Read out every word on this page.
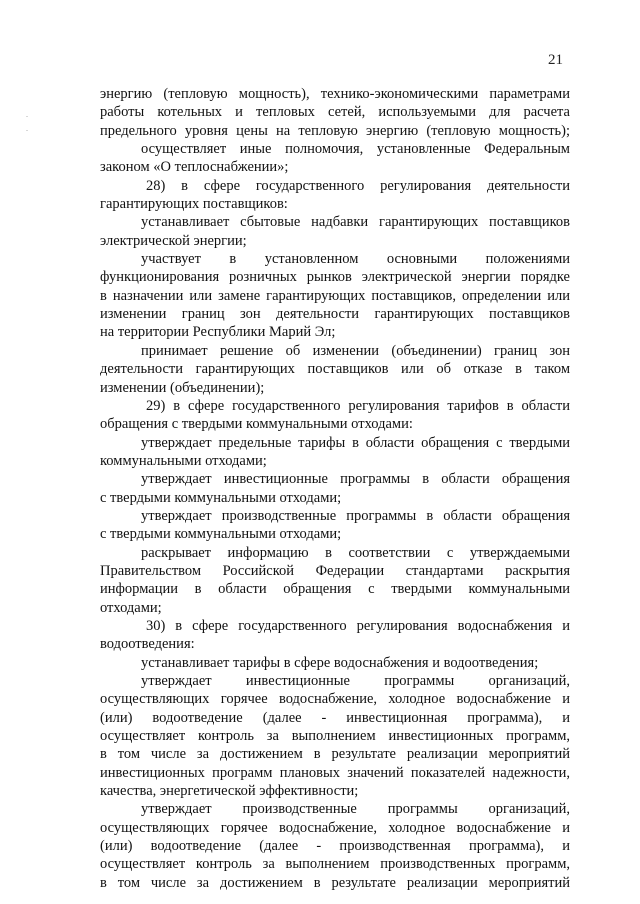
21
.
.
энергию (тепловую мощность), технико-экономическими параметрами
работы котельных и тепловых сетей, используемыми для расчета
предельного уровня цены на тепловую энергию (тепловую мощность);
осуществляет иные полномочия, установленные Федеральным
законом «О теплоснабжении»;
28) в сфере государственного регулирования деятельности
гарантирующих поставщиков:
устанавливает сбытовые надбавки гарантирующих поставщиков
электрической энергии;
участвует в установленном основными положениями
функционирования розничных рынков электрической энергии порядке
в назначении или замене гарантирующих поставщиков, определении или
изменении границ зон деятельности гарантирующих поставщиков
на территории Республики Марий Эл;
принимает решение об изменении (объединении) границ зон
деятельности гарантирующих поставщиков или об отказе в таком
изменении (объединении);
29) в сфере государственного регулирования тарифов в области
обращения с твердыми коммунальными отходами:
утверждает предельные тарифы в области обращения с твердыми
коммунальными отходами;
утверждает инвестиционные программы в области обращения
с твердыми коммунальными отходами;
утверждает производственные программы в области обращения
с твердыми коммунальными отходами;
раскрывает информацию в соответствии с утверждаемыми
Правительством Российской Федерации стандартами раскрытия
информации в области обращения с твердыми коммунальными
отходами;
30) в сфере государственного регулирования водоснабжения и
водоотведения:
устанавливает тарифы в сфере водоснабжения и водоотведения;
утверждает инвестиционные программы организаций,
осуществляющих горячее водоснабжение, холодное водоснабжение и
(или) водоотведение (далее - инвестиционная программа), и
осуществляет контроль за выполнением инвестиционных программ,
в том числе за достижением в результате реализации мероприятий
инвестиционных программ плановых значений показателей надежности,
качества, энергетической эффективности;
утверждает производственные программы организаций,
осуществляющих горячее водоснабжение, холодное водоснабжение и
(или) водоотведение (далее - производственная программа), и
осуществляет контроль за выполнением производственных программ,
в том числе за достижением в результате реализации мероприятий
